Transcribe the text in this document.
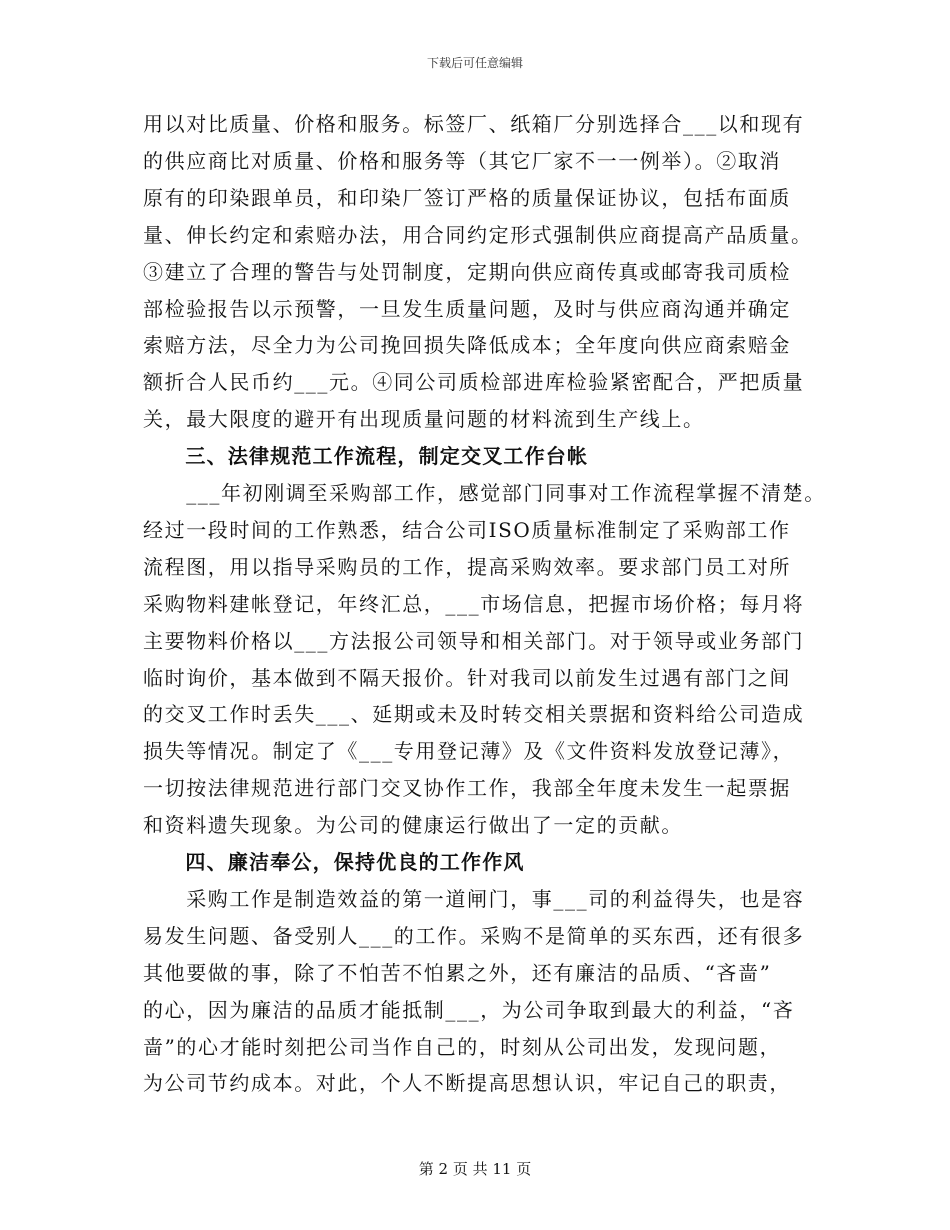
下载后可任意编辑
用以对比质量、价格和服务。标签厂、纸箱厂分别选择合___以和现有
的供应商比对质量、价格和服务等（其它厂家不一一例举）。②取消
原有的印染跟单员，和印染厂签订严格的质量保证协议，包括布面质
量、伸长约定和索赔办法，用合同约定形式强制供应商提高产品质量。
③建立了合理的警告与处罚制度，定期向供应商传真或邮寄我司质检
部检验报告以示预警，一旦发生质量问题，及时与供应商沟通并确定
索赔方法，尽全力为公司挽回损失降低成本；全年度向供应商索赔金
额折合人民币约___元。④同公司质检部进库检验紧密配合，严把质量
关，最大限度的避开有出现质量问题的材料流到生产线上。
　　三、法律规范工作流程，制定交叉工作台帐
　　___年初刚调至采购部工作，感觉部门同事对工作流程掌握不清楚。
经过一段时间的工作熟悉，结合公司ISO质量标准制定了采购部工作
流程图，用以指导采购员的工作，提高采购效率。要求部门员工对所
采购物料建帐登记，年终汇总，___市场信息，把握市场价格；每月将
主要物料价格以___方法报公司领导和相关部门。对于领导或业务部门
临时询价，基本做到不隔天报价。针对我司以前发生过遇有部门之间
的交叉工作时丢失___、延期或未及时转交相关票据和资料给公司造成
损失等情况。制定了《___专用登记薄》及《文件资料发放登记薄》，
一切按法律规范进行部门交叉协作工作，我部全年度未发生一起票据
和资料遗失现象。为公司的健康运行做出了一定的贡献。
　　四、廉洁奉公，保持优良的工作作风
　　采购工作是制造效益的第一道闸门，事___司的利益得失，也是容
易发生问题、备受别人___的工作。采购不是简单的买东西，还有很多
其他要做的事，除了不怕苦不怕累之外，还有廉洁的品质、“吝啬”
的心，因为廉洁的品质才能抵制___，为公司争取到最大的利益，“吝
啬”的心才能时刻把公司当作自己的，时刻从公司出发，发现问题，
为公司节约成本。对此，个人不断提高思想认识，牢记自己的职责，
第 2 页 共 11 页
